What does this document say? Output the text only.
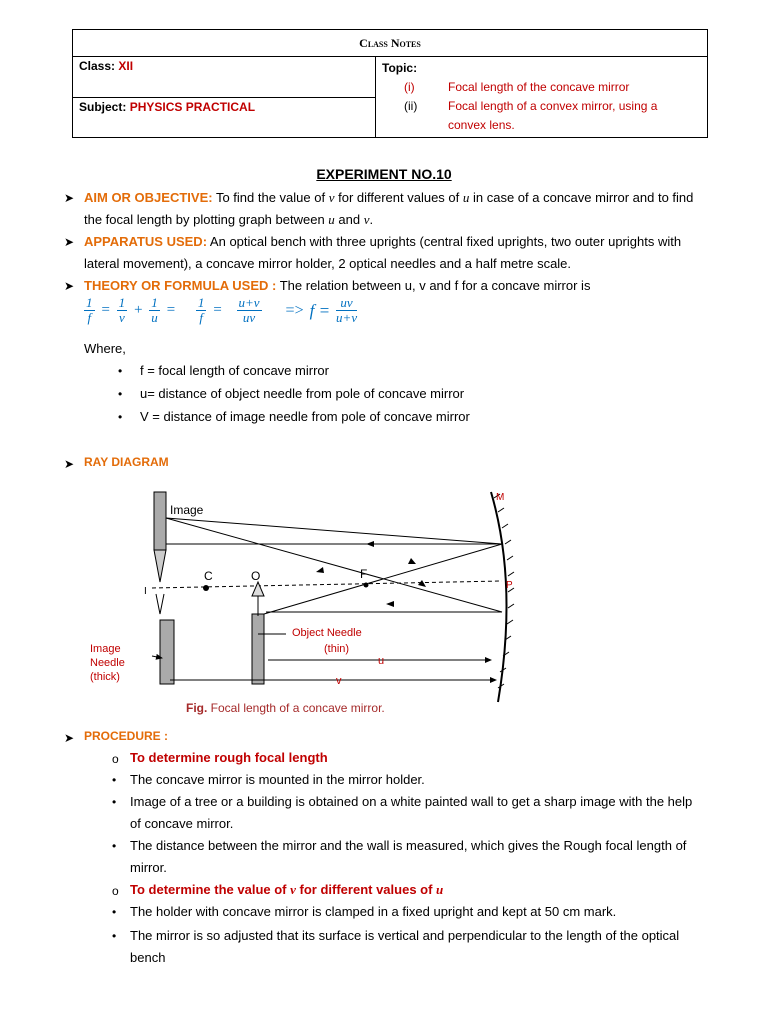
Class Notes
Class: XII	Topic:
(i)	Focal length of the concave mirror
(ii)	Focal length of a convex mirror, using a
convex lens.

Subject: PHYSICS PRACTICAL
EXPERIMENT NO.10
➤ AIM OR OBJECTIVE: To find the value of v for different values of u in case of a concave mirror and to find
the focal length by plotting graph between u and v.
➤ APPARATUS USED: An optical bench with three uprights (central fixed uprights, two outer uprights with
lateral movement), a concave mirror holder, 2 optical needles and a half metre scale.
➤ THEORY OR FORMULA USED : The relation between u, v and f for a concave mirror is
$\frac{1}{f} = \frac{1}{v} + \frac{1}{u} = \frac{1}{f} = \frac{u+v}{uv} => f = \frac{uv}{u+v}$
Where,
• f = focal length of concave mirror
• u= distance of object needle from pole of concave mirror
• V = distance of image needle from pole of concave mirror
➤ RAY DIAGRAM
Image
C	O	F
P
M
I
Object Needle
(thin)
Image
Needle
(thick)
u
v
Fig. Focal length of a concave mirror.
➤ PROCEDURE :
o To determine rough focal length
• The concave mirror is mounted in the mirror holder.
• Image of a tree or a building is obtained on a white painted wall to get a sharp image with the help
of concave mirror.
• The distance between the mirror and the wall is measured, which gives the Rough focal length of
mirror.
o To determine the value of v for different values of u
• The holder with concave mirror is clamped in a fixed upright and kept at 50 cm mark.
• The mirror is so adjusted that its surface is vertical and perpendicular to the length of the optical
bench
